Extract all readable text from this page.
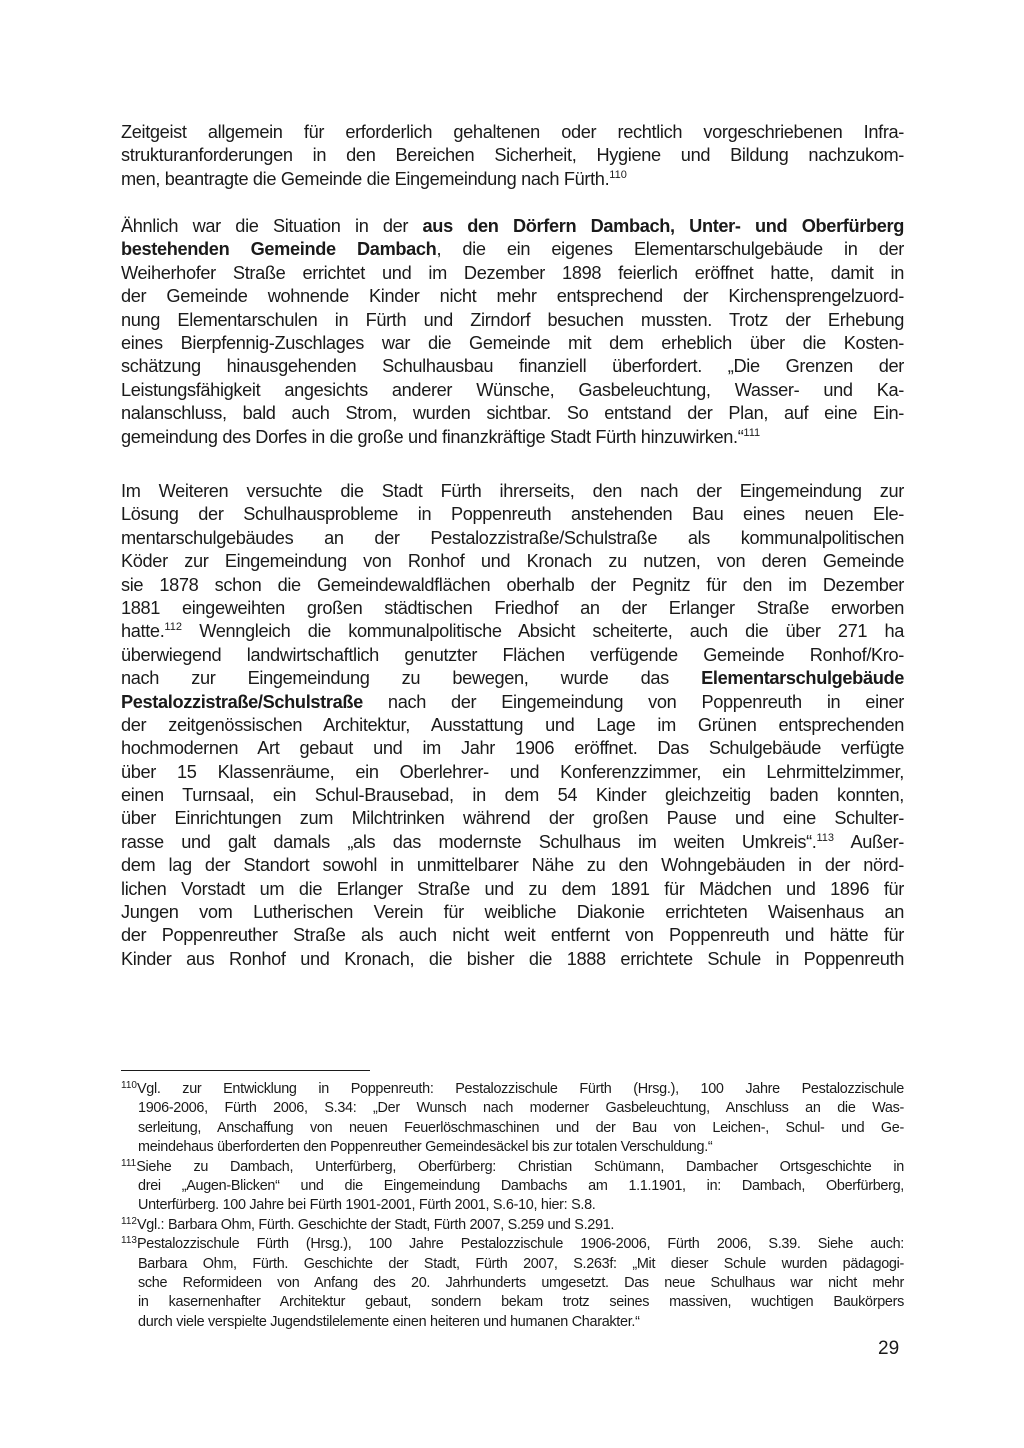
Zeitgeist allgemein für erforderlich gehaltenen oder rechtlich vorgeschriebenen Infra-
strukturanforderungen in den Bereichen Sicherheit, Hygiene und Bildung nachzukom-
men, beantragte die Gemeinde die Eingemeindung nach Fürth.$^{110}$
Ähnlich war die Situation in der aus den Dörfern Dambach, Unter- und Oberfürberg
bestehenden Gemeinde Dambach, die ein eigenes Elementarschulgebäude in der
Weiherhofer Straße errichtet und im Dezember 1898 feierlich eröffnet hatte, damit in
der Gemeinde wohnende Kinder nicht mehr entsprechend der Kirchensprengelzuord-
nung Elementarschulen in Fürth und Zirndorf besuchen mussten. Trotz der Erhebung
eines Bierpfennig-Zuschlages war die Gemeinde mit dem erheblich über die Kosten-
schätzung hinausgehenden Schulhausbau finanziell überfordert. „Die Grenzen der
Leistungsfähigkeit angesichts anderer Wünsche, Gasbeleuchtung, Wasser- und Ka-
nalanschluss, bald auch Strom, wurden sichtbar. So entstand der Plan, auf eine Ein-
gemeindung des Dorfes in die große und finanzkräftige Stadt Fürth hinzuwirken.“$^{111}$
Im Weiteren versuchte die Stadt Fürth ihrerseits, den nach der Eingemeindung zur
Lösung der Schulhausprobleme in Poppenreuth anstehenden Bau eines neuen Ele-
mentarschulgebäudes an der Pestalozzistraße/Schulstraße als kommunalpolitischen
Köder zur Eingemeindung von Ronhof und Kronach zu nutzen, von deren Gemeinde
sie 1878 schon die Gemeindewaldflächen oberhalb der Pegnitz für den im Dezember
1881 eingeweihten großen städtischen Friedhof an der Erlanger Straße erworben
hatte.$^{112}$ Wenngleich die kommunalpolitische Absicht scheiterte, auch die über 271 ha
überwiegend landwirtschaftlich genutzter Flächen verfügende Gemeinde Ronhof/Kro-
nach zur Eingemeindung zu bewegen, wurde das Elementarschulgebäude
Pestalozzistraße/Schulstraße nach der Eingemeindung von Poppenreuth in einer
der zeitgenössischen Architektur, Ausstattung und Lage im Grünen entsprechenden
hochmodernen Art gebaut und im Jahr 1906 eröffnet. Das Schulgebäude verfügte
über 15 Klassenräume, ein Oberlehrer- und Konferenzzimmer, ein Lehrmittelzimmer,
einen Turnsaal, ein Schul-Brausebad, in dem 54 Kinder gleichzeitig baden konnten,
über Einrichtungen zum Milchtrinken während der großen Pause und eine Schulter-
rasse und galt damals „als das modernste Schulhaus im weiten Umkreis“.$^{113}$ Außer-
dem lag der Standort sowohl in unmittelbarer Nähe zu den Wohngebäuden in der nörd-
lichen Vorstadt um die Erlanger Straße und zu dem 1891 für Mädchen und 1896 für
Jungen vom Lutherischen Verein für weibliche Diakonie errichteten Waisenhaus an
der Poppenreuther Straße als auch nicht weit entfernt von Poppenreuth und hätte für
Kinder aus Ronhof und Kronach, die bisher die 1888 errichtete Schule in Poppenreuth
$^{110}$Vgl. zur Entwicklung in Poppenreuth: Pestalozzischule Fürth (Hrsg.), 100 Jahre Pestalozzischule
1906-2006, Fürth 2006, S.34: „Der Wunsch nach moderner Gasbeleuchtung, Anschluss an die Was-
serleitung, Anschaffung von neuen Feuerlöschmaschinen und der Bau von Leichen-, Schul- und Ge-
meindehaus überforderten den Poppenreuther Gemeindesäckel bis zur totalen Verschuldung.“
$^{111}$Siehe zu Dambach, Unterfürberg, Oberfürberg: Christian Schümann, Dambacher Ortsgeschichte in
drei „Augen-Blicken“ und die Eingemeindung Dambachs am 1.1.1901, in: Dambach, Oberfürberg,
Unterfürberg. 100 Jahre bei Fürth 1901-2001, Fürth 2001, S.6-10, hier: S.8.
$^{112}$Vgl.: Barbara Ohm, Fürth. Geschichte der Stadt, Fürth 2007, S.259 und S.291.
$^{113}$Pestalozzischule Fürth (Hrsg.), 100 Jahre Pestalozzischule 1906-2006, Fürth 2006, S.39. Siehe auch:
Barbara Ohm, Fürth. Geschichte der Stadt, Fürth 2007, S.263f: „Mit dieser Schule wurden pädagogi-
sche Reformideen von Anfang des 20. Jahrhunderts umgesetzt. Das neue Schulhaus war nicht mehr
in kasernenhafter Architektur gebaut, sondern bekam trotz seines massiven, wuchtigen Baukörpers
durch viele verspielte Jugendstilelemente einen heiteren und humanen Charakter.“
29
